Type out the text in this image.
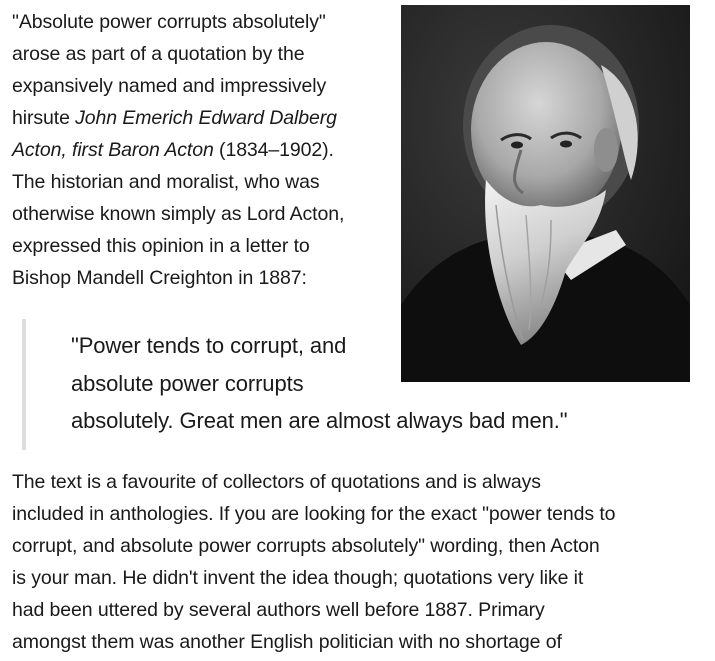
"Absolute power corrupts absolutely"
arose as part of a quotation by the
expansively named and impressively
hirsute John Emerich Edward Dalberg
Acton, first Baron Acton (1834–1902).
The historian and moralist, who was
otherwise known simply as Lord Acton,
expressed this opinion in a letter to
Bishop Mandell Creighton in 1887:

"Power tends to corrupt, and
absolute power corrupts
absolutely. Great men are almost always bad men."

The text is a favourite of collectors of quotations and is always
included in anthologies. If you are looking for the exact "power tends to
corrupt, and absolute power corrupts absolutely" wording, then Acton
is your man. He didn't invent the idea though; quotations very like it
had been uttered by several authors well before 1887. Primary
amongst them was another English politician with no shortage of
